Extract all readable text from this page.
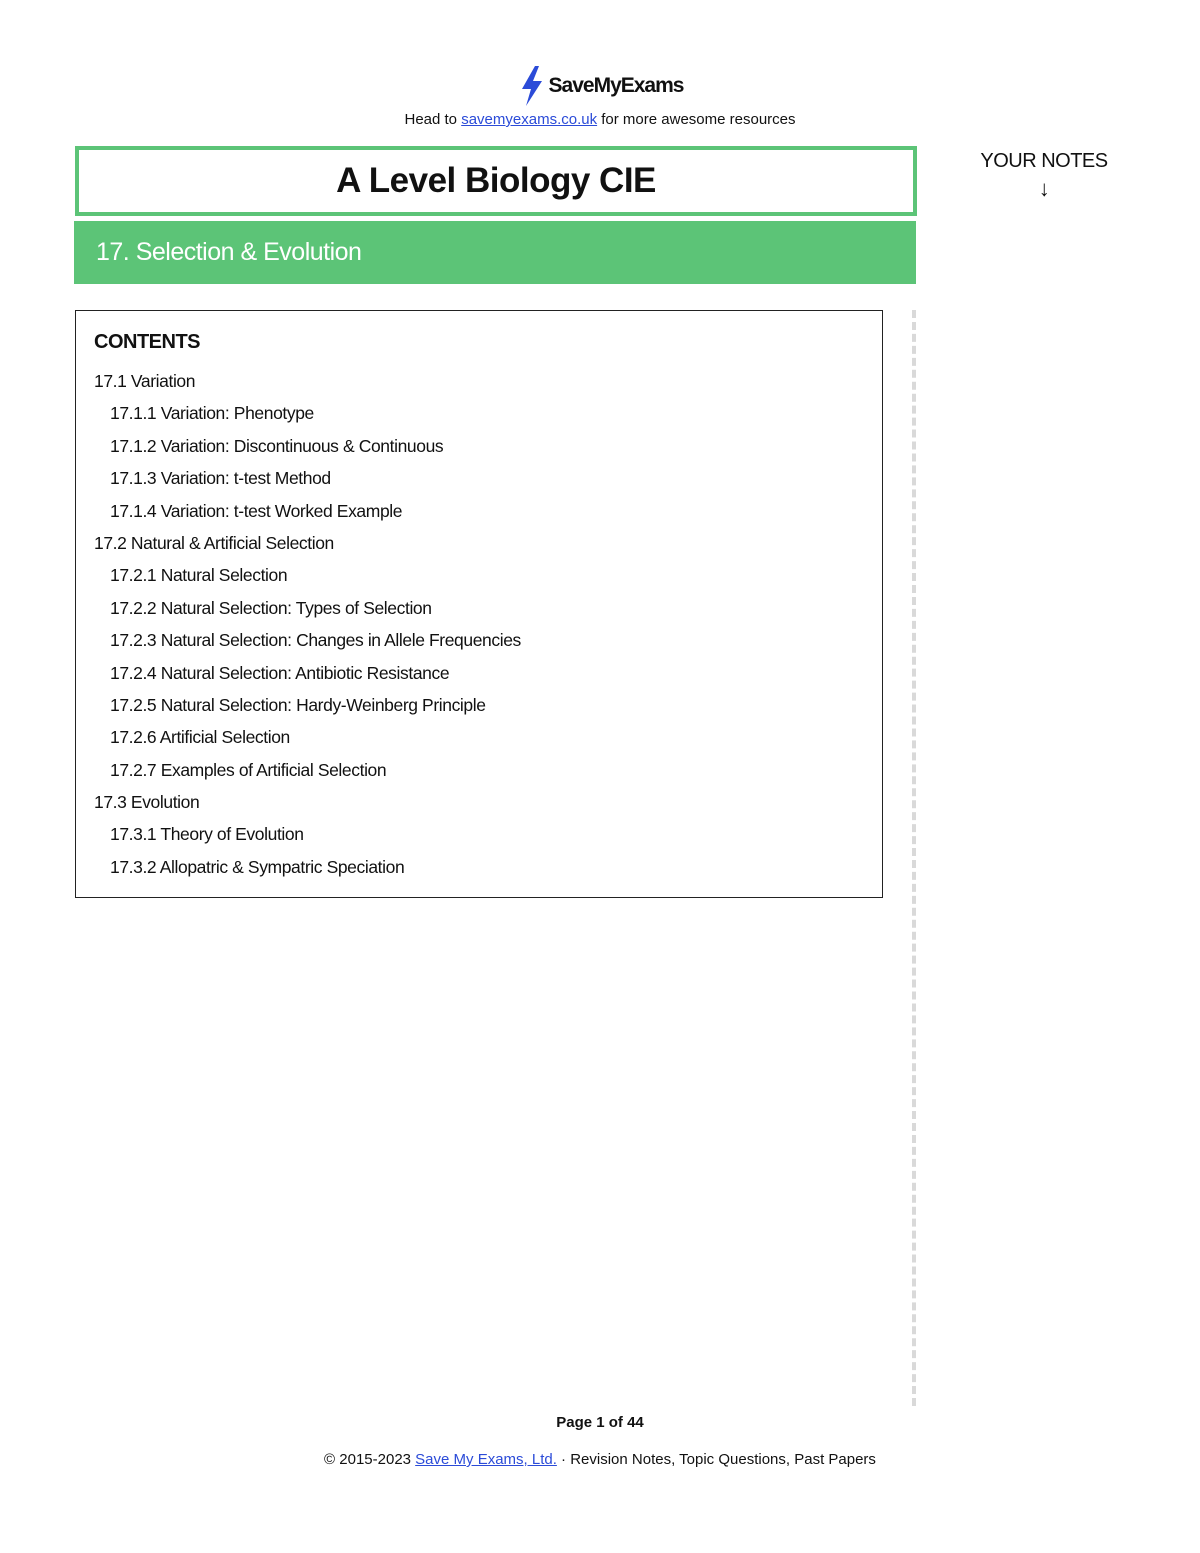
SaveMyExams
Head to savemyexams.co.uk for more awesome resources
A Level Biology CIE
17. Selection & Evolution
YOUR NOTES
↓

CONTENTS

17.1 Variation
17.1.1 Variation: Phenotype
17.1.2 Variation: Discontinuous & Continuous
17.1.3 Variation: t-test Method
17.1.4 Variation: t-test Worked Example
17.2 Natural & Artificial Selection
17.2.1 Natural Selection
17.2.2 Natural Selection: Types of Selection
17.2.3 Natural Selection: Changes in Allele Frequencies
17.2.4 Natural Selection: Antibiotic Resistance
17.2.5 Natural Selection: Hardy-Weinberg Principle
17.2.6 Artificial Selection
17.2.7 Examples of Artificial Selection
17.3 Evolution
17.3.1 Theory of Evolution
17.3.2 Allopatric & Sympatric Speciation
Page 1 of 44
© 2015-2023 Save My Exams, Ltd. · Revision Notes, Topic Questions, Past Papers
